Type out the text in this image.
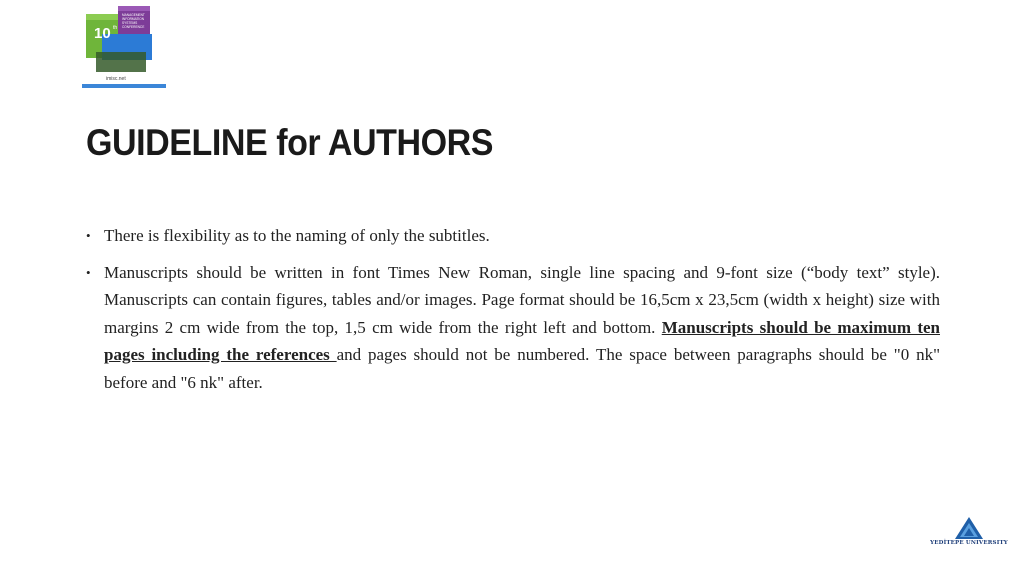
10 th
MANAGEMENT
INFORMATION
SYSTEMS
CONFERENCE
imisc.net
GUIDELINE for AUTHORS
• There is flexibility as to the naming of only the subtitles.
• Manuscripts should be written in font Times New Roman, single line spacing and 9-font size (“body text” style). Manuscripts can contain figures, tables and/or images. Page format should be 16,5cm x 23,5cm (width x height) size with margins 2 cm wide from the top, 1,5 cm wide from the right left and bottom. Manuscripts should be maximum ten pages including the references and pages should not be numbered. The space between paragraphs should be "0 nk" before and "6 nk" after.
YEDİTEPE UNIVERSITY
